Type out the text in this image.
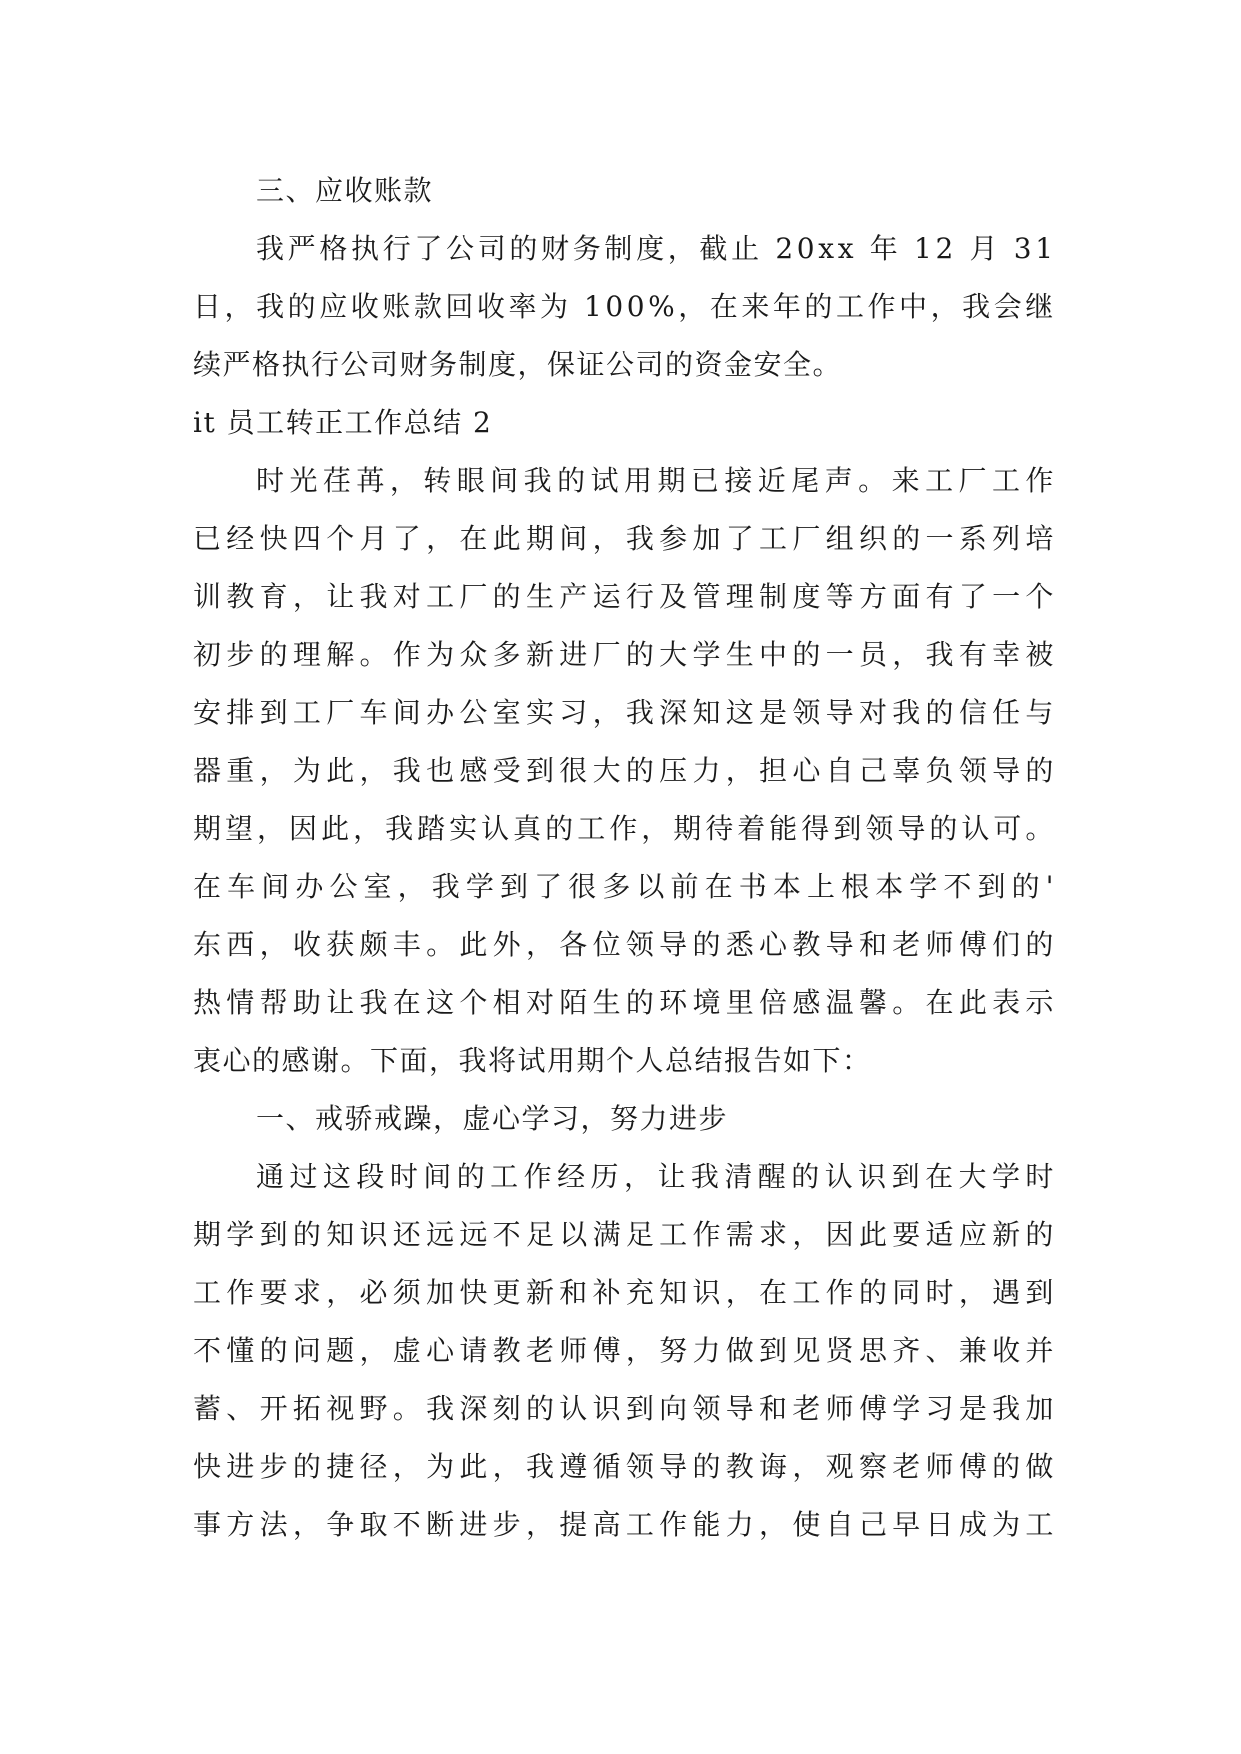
三、应收账款
我 严 格 执 行 了 公 司 的 财 务 制 度 ， 截 止
2 0 x x
年
1 2
月
3 1
日 ， 我 的 应 收 账 款 回 收 率 为
1 0 0 % ， 在 来 年 的 工 作 中 ， 我 会 继
续严格执行公司财务制度，保证公司的资金安全。
it 员工转正工作总结 2
时 光 荏 苒 ， 转 眼 间 我 的 试 用 期 已 接 近 尾 声 。 来 工 厂 工 作
已 经 快 四 个 月 了 ， 在 此 期 间 ， 我 参 加 了 工 厂 组 织 的 一 系 列 培
训 教 育 ， 让 我 对 工 厂 的 生 产 运 行 及 管 理 制 度 等 方 面 有 了 一 个
初 步 的 理 解 。 作 为 众 多 新 进 厂 的 大 学 生 中 的 一 员 ， 我 有 幸 被
安 排 到 工 厂 车 间 办 公 室 实 习 ， 我 深 知 这 是 领 导 对 我 的 信 任 与
器 重 ， 为 此 ， 我 也 感 受 到 很 大 的 压 力 ， 担 心 自 己 辜 负 领 导 的
期 望 ， 因 此 ， 我 踏 实 认 真 的 工 作 ， 期 待 着 能 得 到 领 导 的 认 可 。
在 车 间 办 公 室 ， 我 学 到 了 很 多 以 前 在 书 本 上 根 本 学 不 到 的 '
东 西 ， 收 获 颇 丰 。 此 外 ， 各 位 领 导 的 悉 心 教 导 和 老 师 傅 们 的
热 情 帮 助 让 我 在 这 个 相 对 陌 生 的 环 境 里 倍 感 温 馨 。 在 此 表 示
衷心的感谢。下面，我将试用期个人总结报告如下：
一、戒骄戒躁，虚心学习，努力进步
通 过 这 段 时 间 的 工 作 经 历 ， 让 我 清 醒 的 认 识 到 在 大 学 时
期 学 到 的 知 识 还 远 远 不 足 以 满 足 工 作 需 求 ， 因 此 要 适 应 新 的
工 作 要 求 ， 必 须 加 快 更 新 和 补 充 知 识 ， 在 工 作 的 同 时 ， 遇 到
不 懂 的 问 题 ， 虚 心 请 教 老 师 傅 ， 努 力 做 到 见 贤 思 齐 、 兼 收 并
蓄 、 开 拓 视 野 。 我 深 刻 的 认 识 到 向 领 导 和 老 师 傅 学 习 是 我 加
快 进 步 的 捷 径 ， 为 此 ， 我 遵 循 领 导 的 教 诲 ， 观 察 老 师 傅 的 做
事 方 法 ， 争 取 不 断 进 步 ， 提 高 工 作 能 力 ， 使 自 己 早 日 成 为 工
